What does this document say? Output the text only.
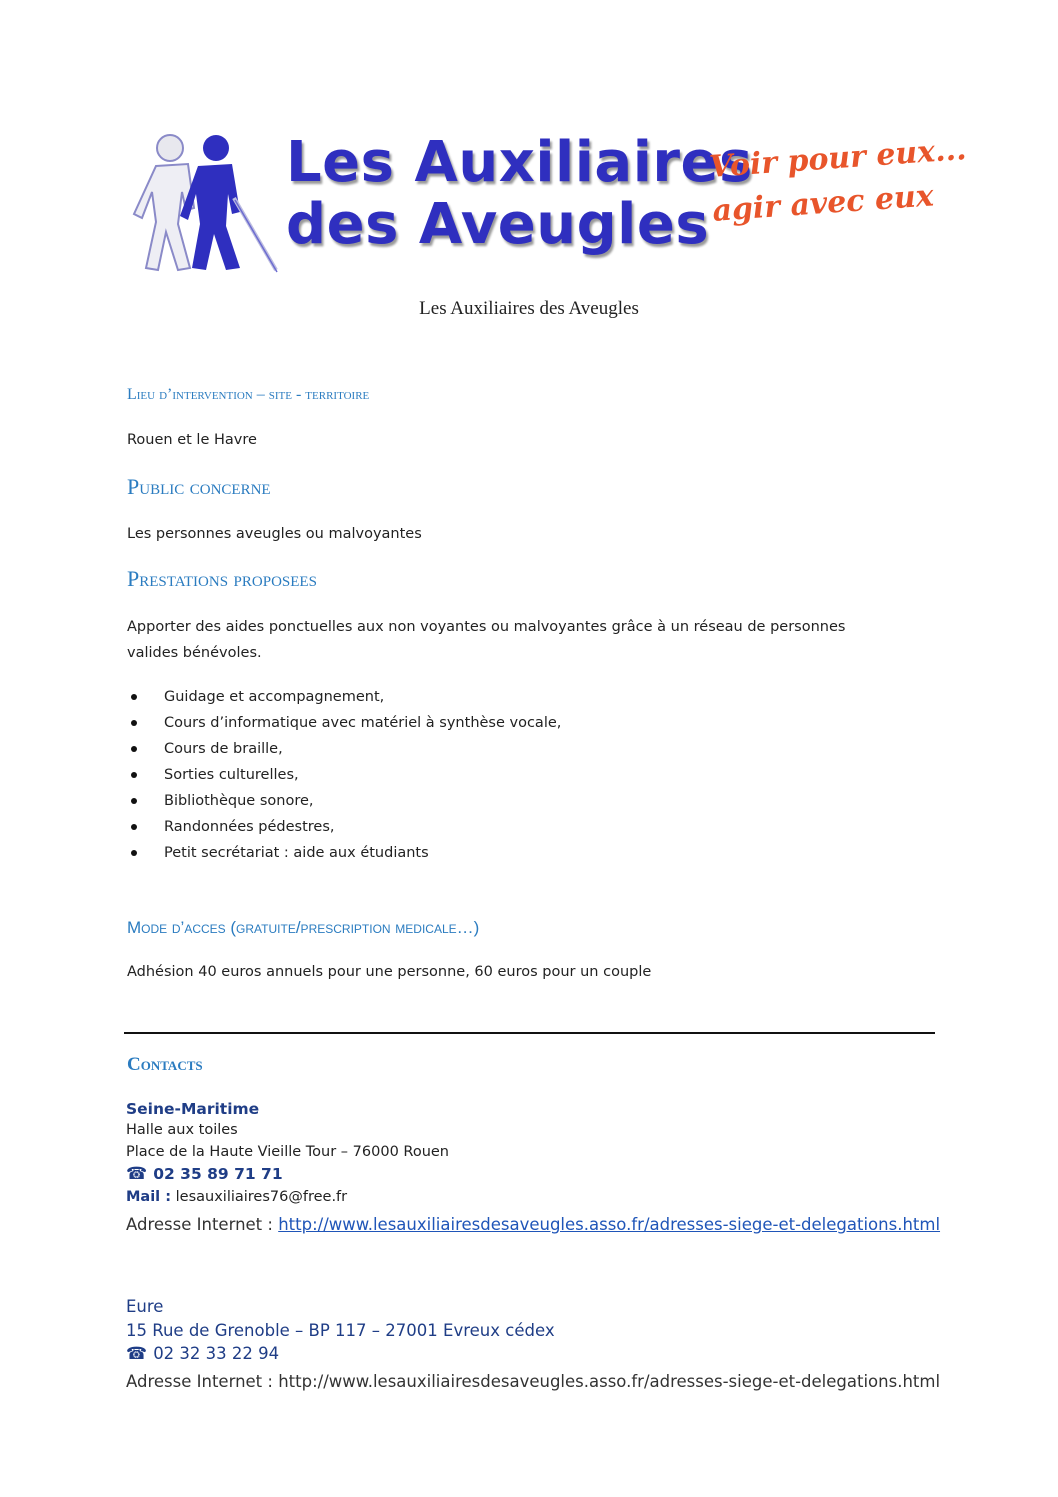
Les Auxiliaires
des Aveugles
Voir pour eux...
agir avec eux
Les Auxiliaires des Aveugles
Lieu d’intervention – site - territoire
Rouen et le Havre
Public concerne
Les personnes aveugles ou malvoyantes
Prestations proposees
Apporter des aides ponctuelles aux non voyantes ou malvoyantes grâce à un réseau de personnes valides bénévoles.
Guidage et accompagnement,
Cours d’informatique avec matériel à synthèse vocale,
Cours de braille,
Sorties culturelles,
Bibliothèque sonore,
Randonnées pédestres,
Petit secrétariat : aide aux étudiants
Mode d’acces (gratuite/prescription medicale…)
Adhésion 40 euros annuels pour une personne, 60 euros pour un couple
Contacts
Seine-Maritime
Halle aux toiles
Place de la Haute Vieille Tour – 76000 Rouen
☎ 02 35 89 71 71
Mail : lesauxiliaires76@free.fr
Adresse Internet : http://www.lesauxiliairesdesaveugles.asso.fr/adresses-siege-et-delegations.html
Eure
15 Rue de Grenoble – BP 117 – 27001 Evreux cédex
☎ 02 32 33 22 94
Adresse Internet : http://www.lesauxiliairesdesaveugles.asso.fr/adresses-siege-et-delegations.html
